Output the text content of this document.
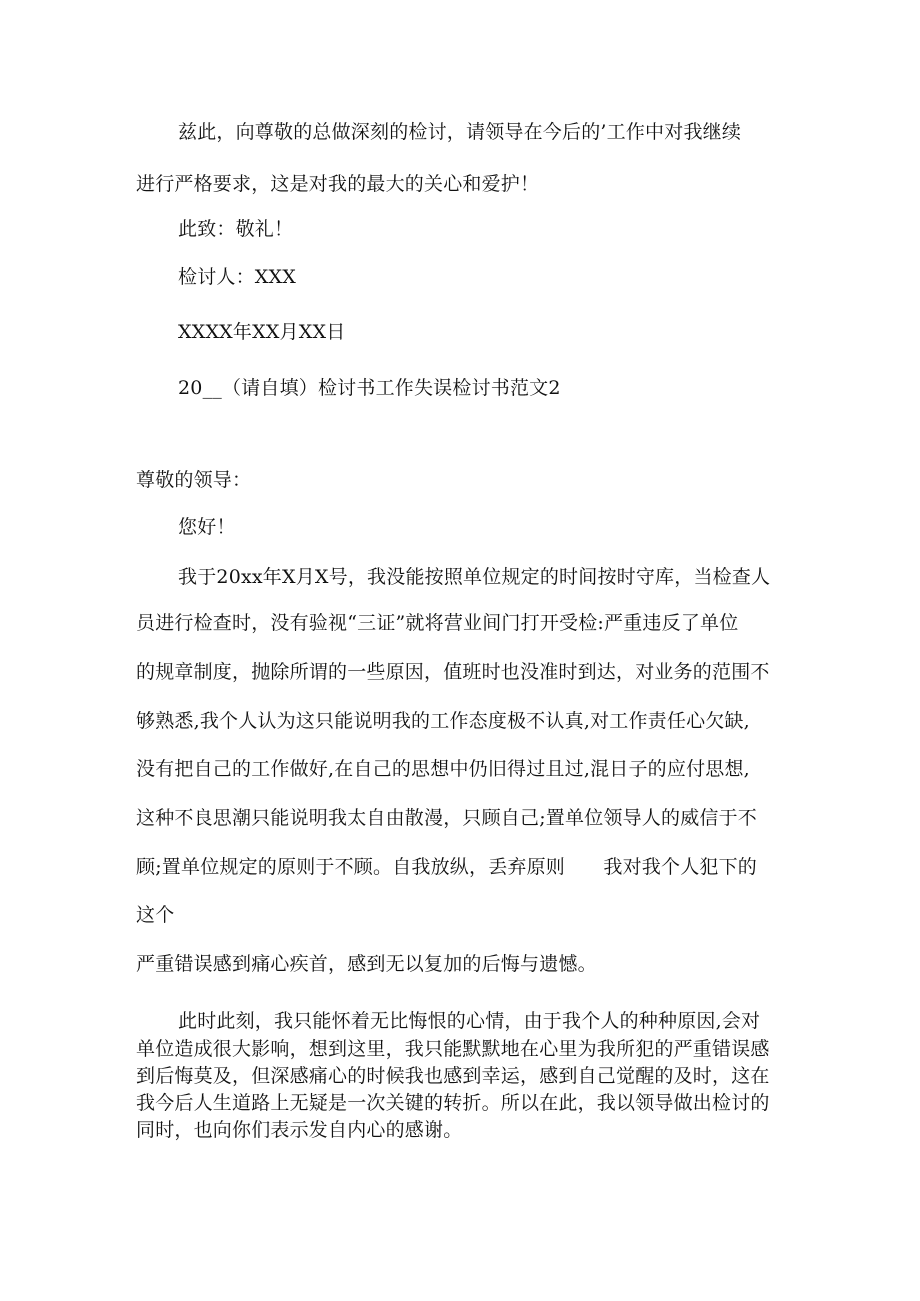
兹此，向尊敬的总做深刻的检讨，请领导在今后的’工作中对我继续
进行严格要求，这是对我的最大的关心和爱护！
此致：敬礼！
检讨人：XXX
XXXX年XX月XX日
20__（请自填）检讨书工作失误检讨书范文2
尊敬的领导：
您好！
我于20xx年X月X号，我没能按照单位规定的时间按时守库，当检查人
员进行检查时，没有验视“三证”就将营业间门打开受检:严重违反了单位
的规章制度，抛除所谓的一些原因，值班时也没准时到达，对业务的范围不
够熟悉,我个人认为这只能说明我的工作态度极不认真,对工作责任心欠缺,
没有把自己的工作做好,在自己的思想中仍旧得过且过,混日子的应付思想,
这种不良思潮只能说明我太自由散漫，只顾自己;置单位领导人的威信于不
顾;置单位规定的原则于不顾。自我放纵，丢弃原则　　我对我个人犯下的
这个
严重错误感到痛心疾首，感到无以复加的后悔与遗憾。
此时此刻，我只能怀着无比悔恨的心情，由于我个人的种种原因,会对
单位造成很大影响，想到这里，我只能默默地在心里为我所犯的严重错误感
到后悔莫及，但深感痛心的时候我也感到幸运，感到自己觉醒的及时，这在
我今后人生道路上无疑是一次关键的转折。所以在此，我以领导做出检讨的
同时，也向你们表示发自内心的感谢。
